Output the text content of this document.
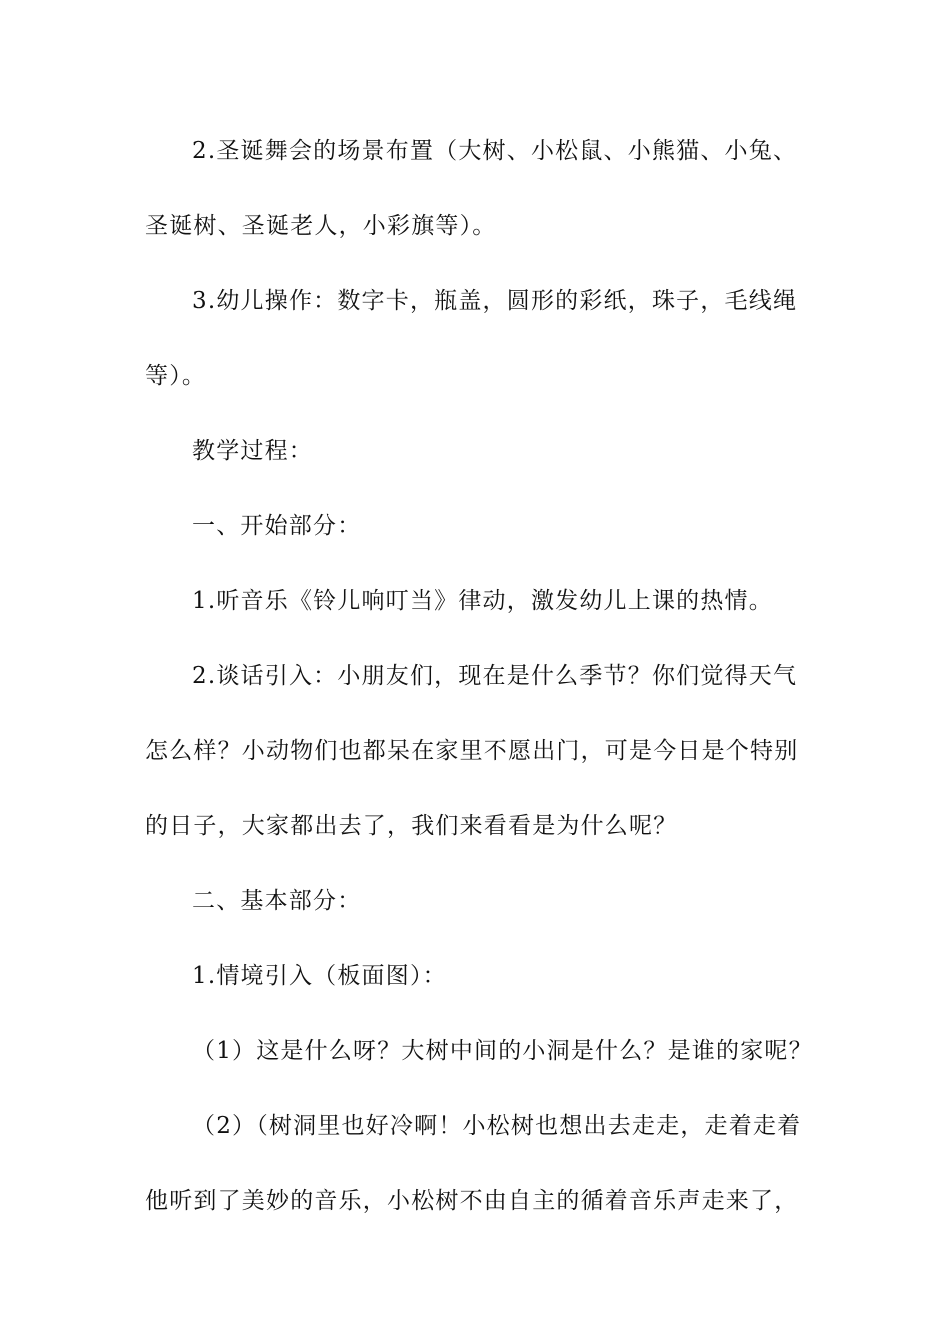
2.圣诞舞会的场景布置（大树、小松鼠、小熊猫、小兔、
圣诞树、圣诞老人，小彩旗等）。
3.幼儿操作：数字卡，瓶盖，圆形的彩纸，珠子，毛线绳
等）。
教学过程：
一、开始部分：
1.听音乐《铃儿响叮当》律动，激发幼儿上课的热情。
2.谈话引入：小朋友们，现在是什么季节？你们觉得天气
怎么样？小动物们也都呆在家里不愿出门，可是今日是个特别
的日子，大家都出去了，我们来看看是为什么呢？
二、基本部分：
1.情境引入（板面图）：
（1）这是什么呀？大树中间的小洞是什么？是谁的家呢？
（2）（树洞里也好冷啊！小松树也想出去走走，走着走着
他听到了美妙的音乐，小松树不由自主的循着音乐声走来了，
